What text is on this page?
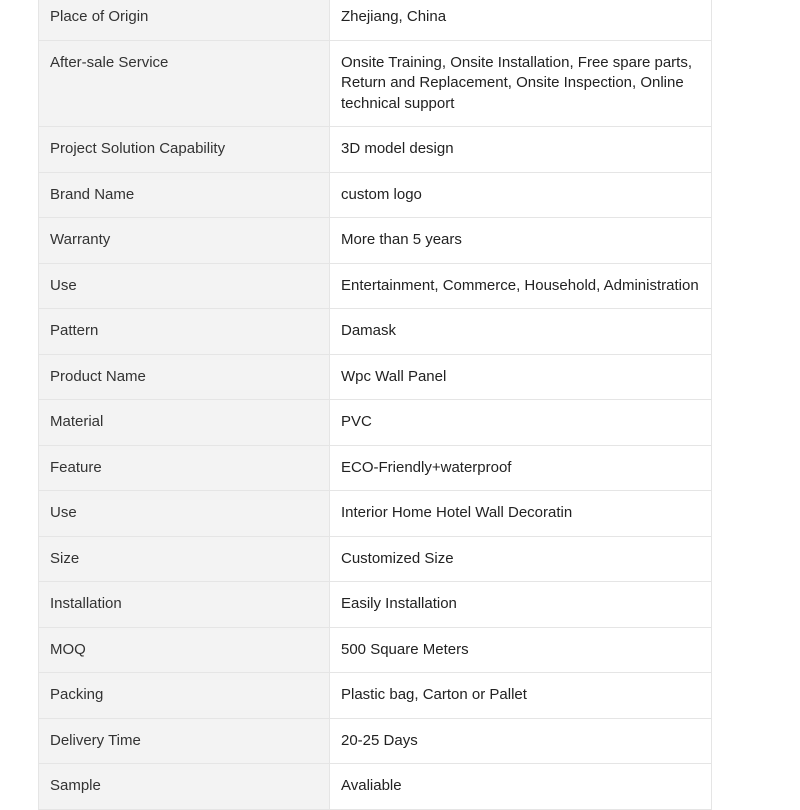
Place of Origin	Zhejiang, China
After-sale Service	Onsite Training, Onsite Installation, Free spare parts, Return and Replacement, Onsite Inspection, Online technical support
Project Solution Capability	3D model design
Brand Name	custom logo
Warranty	More than 5 years
Use	Entertainment, Commerce, Household, Administration
Pattern	Damask
Product Name	Wpc Wall Panel
Material	PVC
Feature	ECO-Friendly+waterproof
Use	Interior Home Hotel Wall Decoratin
Size	Customized Size
Installation	Easily Installation
MOQ	500 Square Meters
Packing	Plastic bag, Carton or Pallet
Delivery Time	20-25 Days
Sample	Avaliable
